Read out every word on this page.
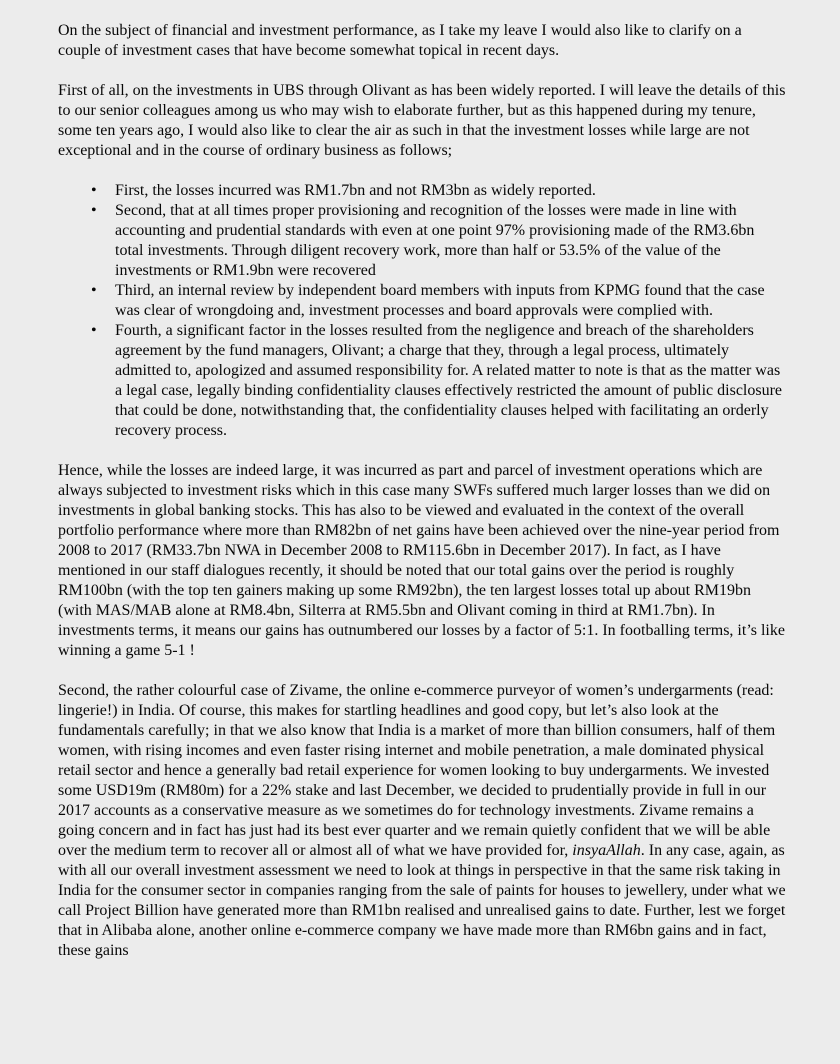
On the subject of financial and investment performance, as I take my leave I would also like to clarify on a couple of investment cases that have become somewhat topical in recent days.

First of all, on the investments in UBS through Olivant as has been widely reported. I will leave the details of this to our senior colleagues among us who may wish to elaborate further, but as this happened during my tenure, some ten years ago, I would also like to clear the air as such in that the investment losses while large are not exceptional and in the course of ordinary business as follows;

• First, the losses incurred was RM1.7bn and not RM3bn as widely reported.
• Second, that at all times proper provisioning and recognition of the losses were made in line with accounting and prudential standards with even at one point 97% provisioning made of the RM3.6bn total investments. Through diligent recovery work, more than half or 53.5% of the value of the investments or RM1.9bn were recovered
• Third, an internal review by independent board members with inputs from KPMG found that the case was clear of wrongdoing and, investment processes and board approvals were complied with.
• Fourth, a significant factor in the losses resulted from the negligence and breach of the shareholders agreement by the fund managers, Olivant; a charge that they, through a legal process, ultimately admitted to, apologized and assumed responsibility for. A related matter to note is that as the matter was a legal case, legally binding confidentiality clauses effectively restricted the amount of public disclosure that could be done, notwithstanding that, the confidentiality clauses helped with facilitating an orderly recovery process.

Hence, while the losses are indeed large, it was incurred as part and parcel of investment operations which are always subjected to investment risks which in this case many SWFs suffered much larger losses than we did on investments in global banking stocks. This has also to be viewed and evaluated in the context of the overall portfolio performance where more than RM82bn of net gains have been achieved over the nine-year period from 2008 to 2017 (RM33.7bn NWA in December 2008 to RM115.6bn in December 2017). In fact, as I have mentioned in our staff dialogues recently, it should be noted that our total gains over the period is roughly RM100bn (with the top ten gainers making up some RM92bn), the ten largest losses total up about RM19bn (with MAS/MAB alone at RM8.4bn, Silterra at RM5.5bn and Olivant coming in third at RM1.7bn). In investments terms, it means our gains has outnumbered our losses by a factor of 5:1. In footballing terms, it’s like winning a game 5-1 !

Second, the rather colourful case of Zivame, the online e-commerce purveyor of women’s undergarments (read: lingerie!) in India. Of course, this makes for startling headlines and good copy, but let’s also look at the fundamentals carefully; in that we also know that India is a market of more than billion consumers, half of them women, with rising incomes and even faster rising internet and mobile penetration, a male dominated physical retail sector and hence a generally bad retail experience for women looking to buy undergarments. We invested some USD19m (RM80m) for a 22% stake and last December, we decided to prudentially provide in full in our 2017 accounts as a conservative measure as we sometimes do for technology investments. Zivame remains a going concern and in fact has just had its best ever quarter and we remain quietly confident that we will be able over the medium term to recover all or almost all of what we have provided for, insyaAllah. In any case, again, as with all our overall investment assessment we need to look at things in perspective in that the same risk taking in India for the consumer sector in companies ranging from the sale of paints for houses to jewellery, under what we call Project Billion have generated more than RM1bn realised and unrealised gains to date. Further, lest we forget that in Alibaba alone, another online e-commerce company we have made more than RM6bn gains and in fact, these gains
